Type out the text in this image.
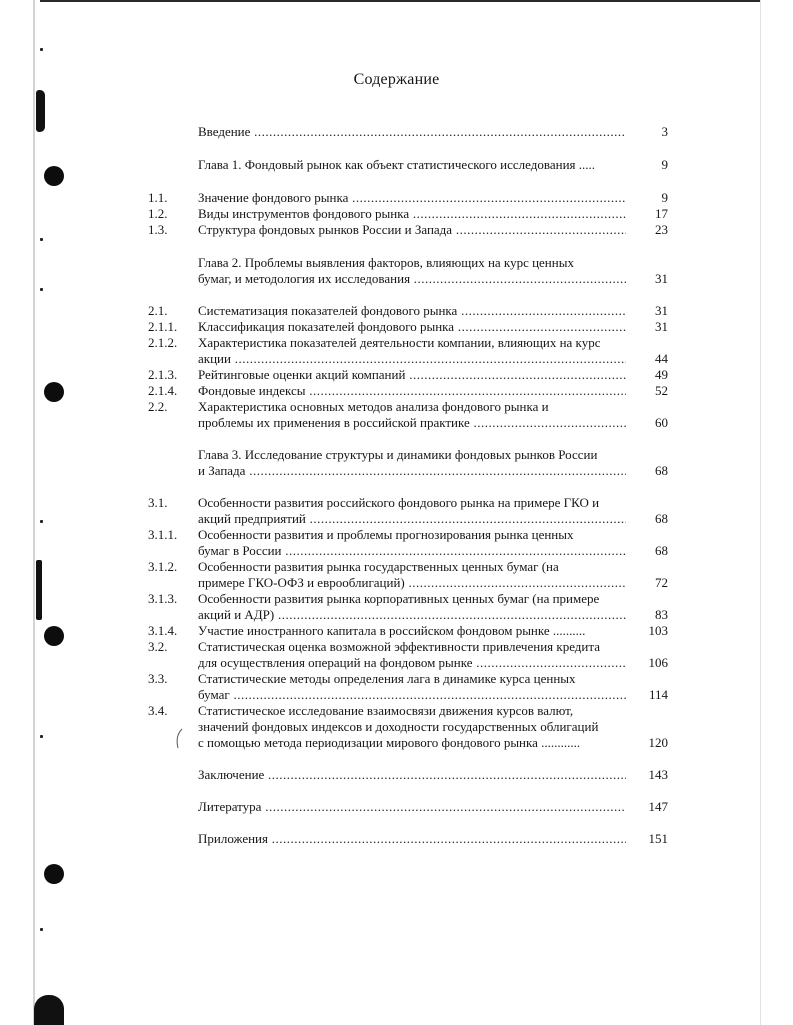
Содержание
Введение .....	3
Глава 1. Фондовый рынок как объект статистического исследования .....	9
1.1.	Значение фондового рынка .....	9
1.2.	Виды инструментов фондового рынка .....	17
1.3.	Структура фондовых рынков России и Запада .....	23
Глава 2. Проблемы выявления факторов, влияющих на курс ценных
бумаг, и методология их исследования .....	31
2.1.	Систематизация показателей фондового рынка .....	31
2.1.1.	Классификация показателей фондового рынка .....	31
2.1.2.	Характеристика показателей деятельности компании, влияющих на курс
акции .....	44
2.1.3.	Рейтинговые оценки акций компаний .....	49
2.1.4.	Фондовые индексы .....	52
2.2.	Характеристика основных методов анализа фондового рынка и
проблемы их применения в российской практике .....	60
Глава 3. Исследование структуры и динамики фондовых рынков России
и Запада .....	68
3.1.	Особенности развития российского фондового рынка на примере ГКО и
акций предприятий .....	68
3.1.1.	Особенности развития и проблемы прогнозирования рынка ценных
бумаг в России .....	68
3.1.2.	Особенности развития рынка государственных ценных бумаг (на
примере ГКО-ОФЗ и еврооблигаций) .....	72
3.1.3.	Особенности развития рынка корпоративных ценных бумаг (на примере
акций и АДР) .....	83
3.1.4.	Участие иностранного капитала в российском фондовом рынке ..........	103
3.2.	Статистическая оценка возможной эффективности привлечения кредита
для осуществления операций на фондовом рынке .....	106
3.3.	Статистические методы определения лага в динамике курса ценных
бумаг .....	114
3.4.	Статистическое исследование взаимосвязи движения курсов валют,
значений фондовых индексов и доходности государственных облигаций
с помощью метода периодизации мирового фондового рынка ............	120
Заключение .....	143
Литература .....	147
Приложения .....	151
